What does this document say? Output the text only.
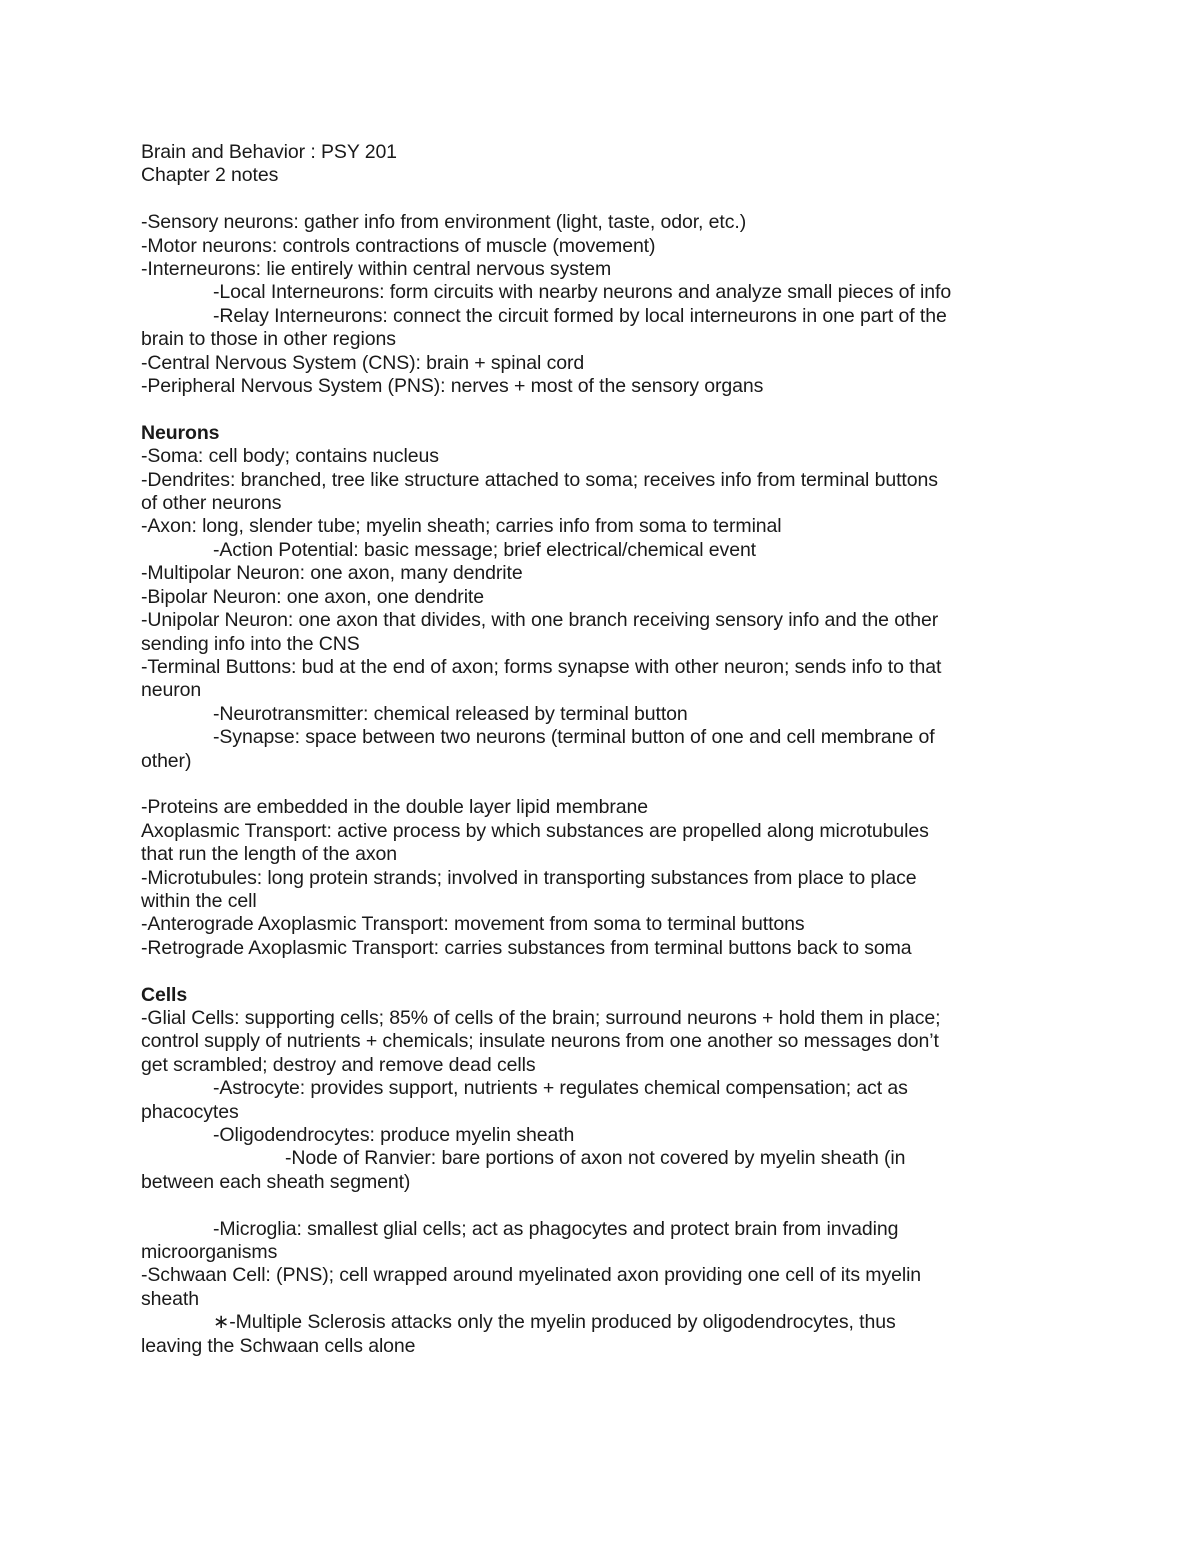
Brain and Behavior : PSY 201

Chapter 2 notes

-Sensory neurons: gather info from environment (light, taste, odor, etc.)

-Motor neurons: controls contractions of muscle (movement)

-Interneurons: lie entirely within central nervous system

-Local Interneurons: form circuits with nearby neurons and analyze small pieces of info

-Relay Interneurons: connect the circuit formed by local interneurons in one part of the

brain to those in other regions

-Central Nervous System (CNS): brain + spinal cord

-Peripheral Nervous System (PNS): nerves + most of the sensory organs

Neurons

-Soma: cell body; contains nucleus

-Dendrites: branched, tree like structure attached to soma; receives info from terminal buttons

of other neurons

-Axon: long, slender tube; myelin sheath; carries info from soma to terminal

-Action Potential: basic message; brief electrical/chemical event

-Multipolar Neuron: one axon, many dendrite

-Bipolar Neuron: one axon, one dendrite

-Unipolar Neuron: one axon that divides, with one branch receiving sensory info and the other

sending info into the CNS

-Terminal Buttons: bud at the end of axon; forms synapse with other neuron; sends info to that

neuron

-Neurotransmitter: chemical released by terminal button

-Synapse: space between two neurons (terminal button of one and cell membrane of

other)

-Proteins are embedded in the double layer lipid membrane

Axoplasmic Transport: active process by which substances are propelled along microtubules

that run the length of the axon

-Microtubules: long protein strands; involved in transporting substances from place to place

within the cell

-Anterograde Axoplasmic Transport: movement from soma to terminal buttons

-Retrograde Axoplasmic Transport: carries substances from terminal buttons back to soma

Cells

-Glial Cells: supporting cells; 85% of cells of the brain; surround neurons + hold them in place;

control supply of nutrients + chemicals; insulate neurons from one another so messages don’t

get scrambled; destroy and remove dead cells

-Astrocyte: provides support, nutrients + regulates chemical compensation; act as

phacocytes

-Oligodendrocytes: produce myelin sheath

-Node of Ranvier: bare portions of axon not covered by myelin sheath (in

between each sheath segment)

-Microglia: smallest glial cells; act as phagocytes and protect brain from invading

microorganisms

-Schwaan Cell: (PNS); cell wrapped around myelinated axon providing one cell of its myelin

sheath

∗-Multiple Sclerosis attacks only the myelin produced by oligodendrocytes, thus

leaving the Schwaan cells alone
